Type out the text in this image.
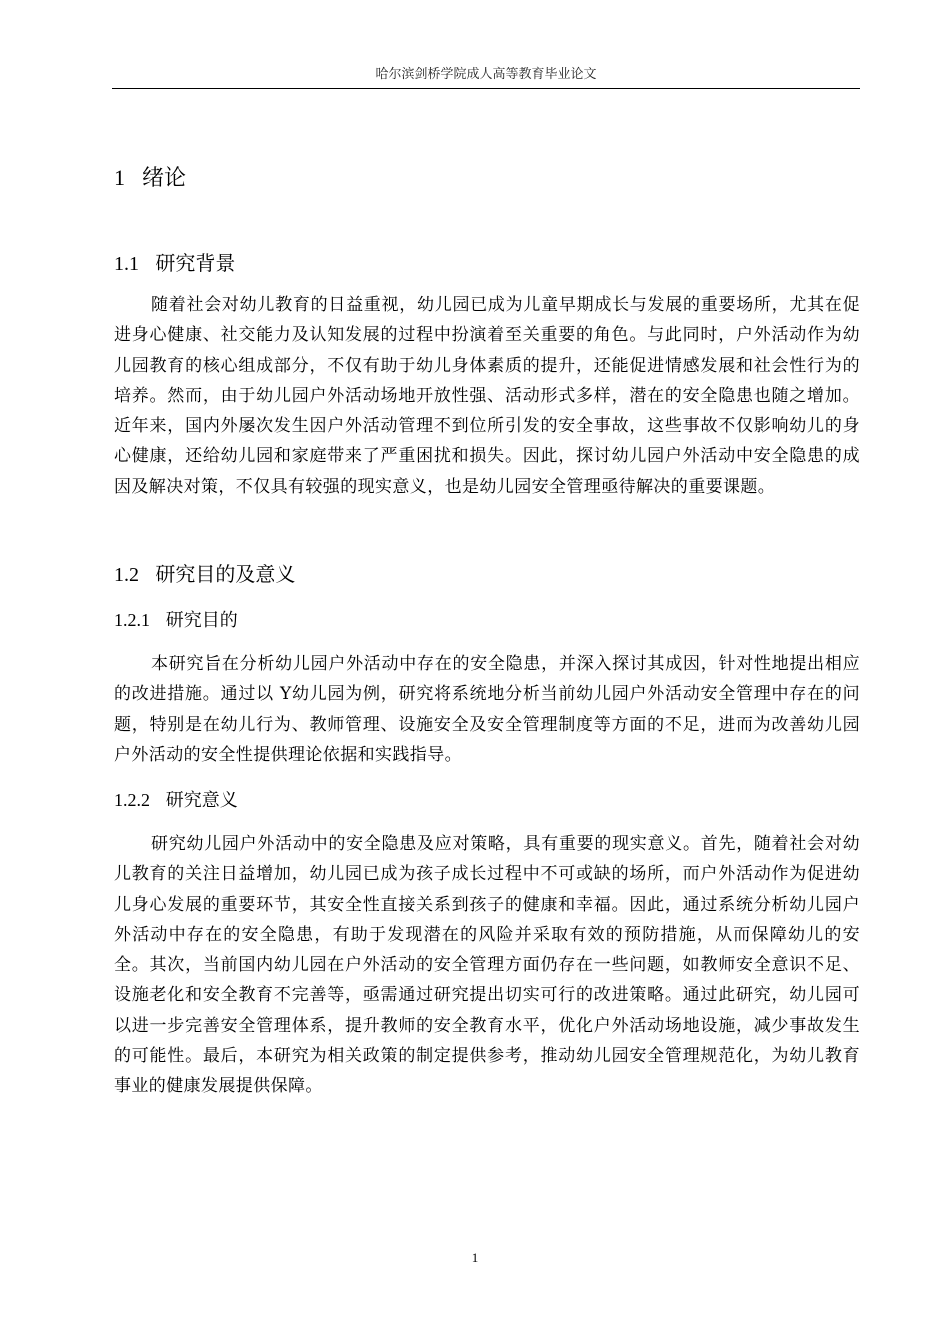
哈尔滨剑桥学院成人高等教育毕业论文
1 绪论
1.1 研究背景

随着社会对幼儿教育的日益重视，幼儿园已成为儿童早期成长与发展的重要场所，尤其在促进身心健康、社交能力及认知发展的过程中扮演着至关重要的角色。与此同时，户外活动作为幼儿园教育的核心组成部分，不仅有助于幼儿身体素质的提升，还能促进情感发展和社会性行为的培养。然而，由于幼儿园户外活动场地开放性强、活动形式多样，潜在的安全隐患也随之增加。近年来，国内外屡次发生因户外活动管理不到位所引发的安全事故，这些事故不仅影响幼儿的身心健康，还给幼儿园和家庭带来了严重困扰和损失。因此，探讨幼儿园户外活动中安全隐患的成因及解决对策，不仅具有较强的现实意义，也是幼儿园安全管理亟待解决的重要课题。

1.2 研究目的及意义
1.2.1 研究目的

本研究旨在分析幼儿园户外活动中存在的安全隐患，并深入探讨其成因，针对性地提出相应的改进措施。通过以 Y幼儿园为例，研究将系统地分析当前幼儿园户外活动安全管理中存在的问题，特别是在幼儿行为、教师管理、设施安全及安全管理制度等方面的不足，进而为改善幼儿园户外活动的安全性提供理论依据和实践指导。

1.2.2 研究意义

研究幼儿园户外活动中的安全隐患及应对策略，具有重要的现实意义。首先，随着社会对幼儿教育的关注日益增加，幼儿园已成为孩子成长过程中不可或缺的场所，而户外活动作为促进幼儿身心发展的重要环节，其安全性直接关系到孩子的健康和幸福。因此，通过系统分析幼儿园户外活动中存在的安全隐患，有助于发现潜在的风险并采取有效的预防措施，从而保障幼儿的安全。其次，当前国内幼儿园在户外活动的安全管理方面仍存在一些问题，如教师安全意识不足、设施老化和安全教育不完善等，亟需通过研究提出切实可行的改进策略。通过此研究，幼儿园可以进一步完善安全管理体系，提升教师的安全教育水平，优化户外活动场地设施，减少事故发生的可能性。最后，本研究为相关政策的制定提供参考，推动幼儿园安全管理规范化，为幼儿教育事业的健康发展提供保障。

1
